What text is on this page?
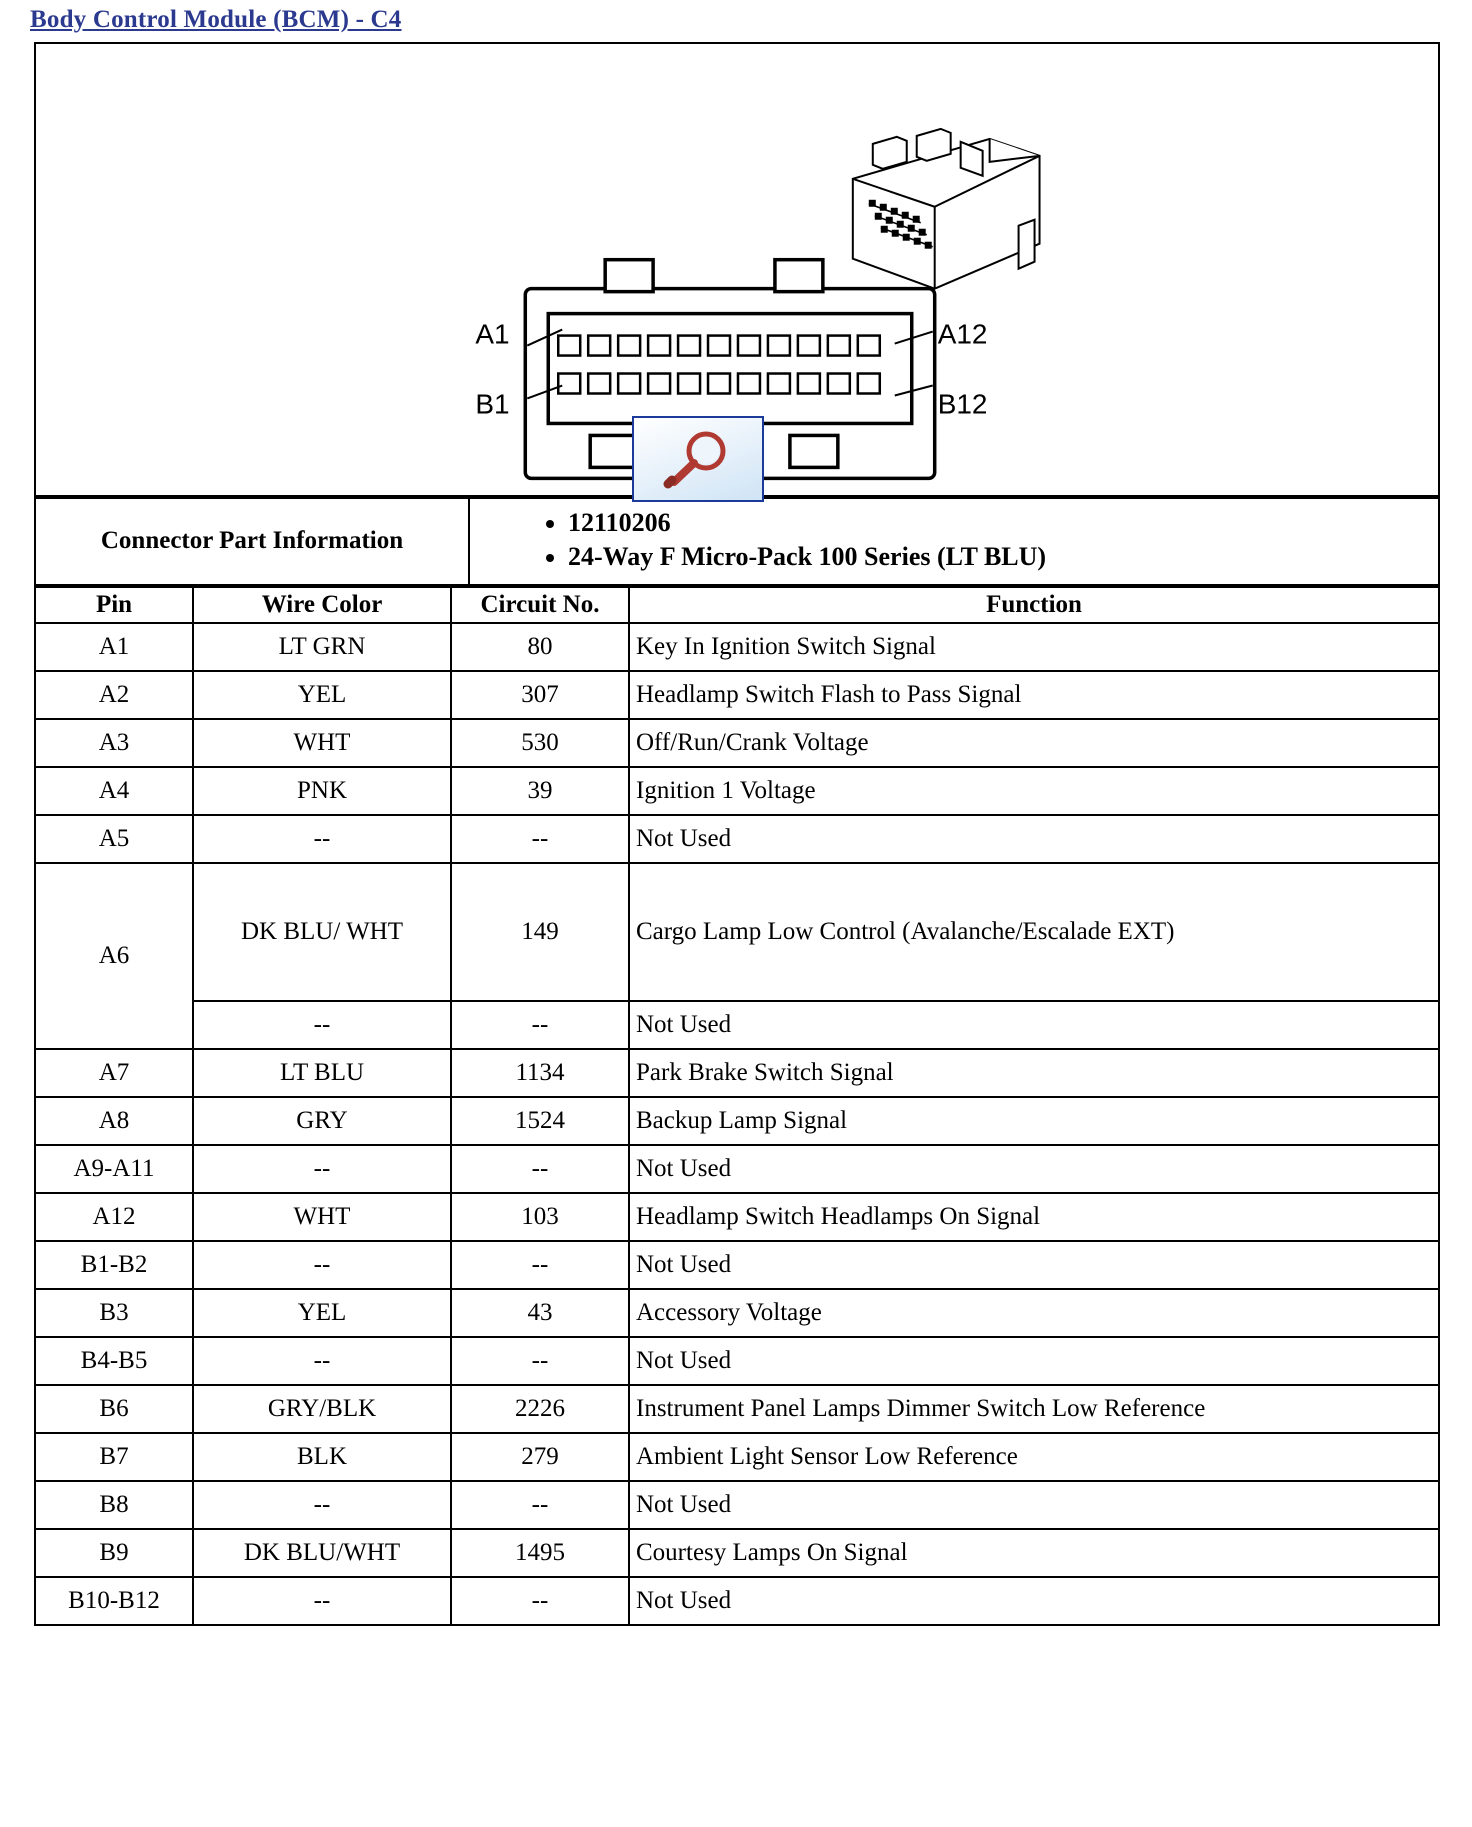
Body Control Module (BCM) - C4
A1
B1
A12
B12
Connector Part Information	
• 12110206
• 24-Way F Micro-Pack 100 Series (LT BLU)
Pin	Wire Color	Circuit No.	Function
A1	LT GRN	80	Key In Ignition Switch Signal
A2	YEL	307	Headlamp Switch Flash to Pass Signal
A3	WHT	530	Off/Run/Crank Voltage
A4	PNK	39	Ignition 1 Voltage
A5	--	--	Not Used
A6	DK BLU/ WHT	149	Cargo Lamp Low Control (Avalanche/Escalade EXT)
	--	--	Not Used
A7	LT BLU	1134	Park Brake Switch Signal
A8	GRY	1524	Backup Lamp Signal
A9-A11	--	--	Not Used
A12	WHT	103	Headlamp Switch Headlamps On Signal
B1-B2	--	--	Not Used
B3	YEL	43	Accessory Voltage
B4-B5	--	--	Not Used
B6	GRY/BLK	2226	Instrument Panel Lamps Dimmer Switch Low Reference
B7	BLK	279	Ambient Light Sensor Low Reference
B8	--	--	Not Used
B9	DK BLU/WHT	1495	Courtesy Lamps On Signal
B10-B12	--	--	Not Used
